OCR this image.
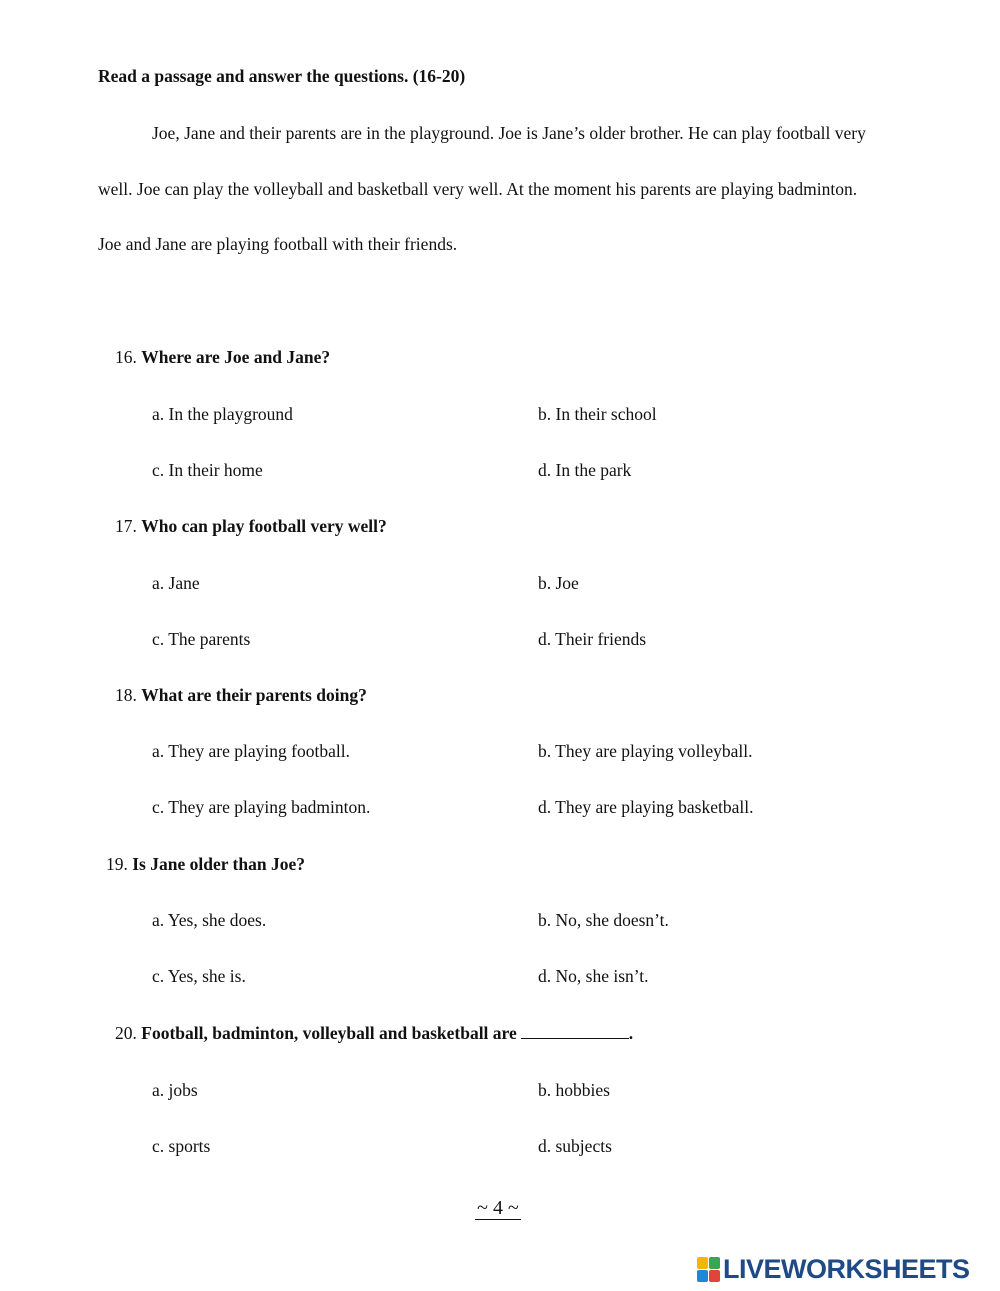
Read a passage and answer the questions. (16-20)
Joe, Jane and their parents are in the playground. Joe is Jane’s older brother. He can play football very
well. Joe can play the volleyball and basketball very well. At the moment his parents are playing badminton.
Joe and Jane are playing football with their friends.
16. Where are Joe and Jane?
a. In the playground	b. In their school
c. In their home	d. In the park
17. Who can play football very well?
a. Jane	b. Joe
c. The parents	d. Their friends
18. What are their parents doing?
a. They are playing football.	b. They are playing volleyball.
c. They are playing badminton.	d. They are playing basketball.
19. Is Jane older than Joe?
a. Yes, she does.	b. No, she doesn’t.
c. Yes, she is.	d. No, she isn’t.
20. Football, badminton, volleyball and basketball are	.
a. jobs	b. hobbies
c. sports	d. subjects
~ 4 ~
LIVEWORKSHEETS
